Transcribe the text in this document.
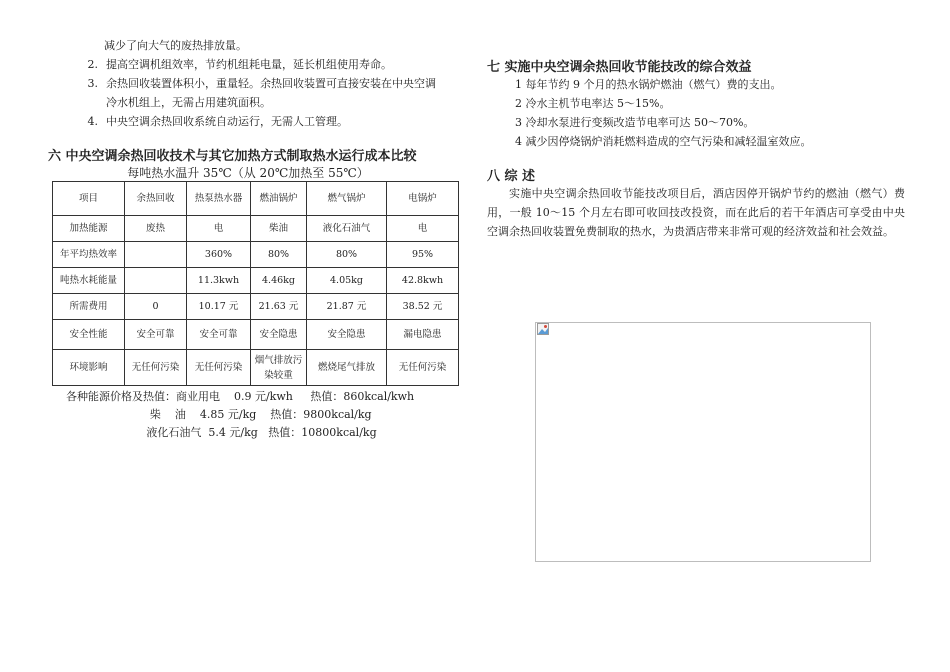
减少了向大气的废热排放量。

2. 提高空调机组效率，节约机组耗电量，延长机组使用寿命。

3. 余热回收装置体积小，重量轻。余热回收装置可直接安装在中央空调

冷水机组上，无需占用建筑面积。

4. 中央空调余热回收系统自动运行，无需人工管理。

六 中央空调余热回收技术与其它加热方式制取热水运行成本比较

每吨热水温升 35℃（从 20℃加热至 55℃）

项目	余热回收	热泵热水器	燃油锅炉	燃气锅炉	电锅炉
加热能源	废热	电	柴油	液化石油气	电
年平均热效率		360%	80%	80%	95%
吨热水耗能量		11.3kwh	4.46kg	4.05kg	42.8kwh
所需费用	0	10.17 元	21.63 元	21.87 元	38.52 元
安全性能	安全可靠	安全可靠	安全隐患	安全隐患	漏电隐患
环境影响	无任何污染	无任何污染	烟气排放污染较重	燃烧尾气排放	无任何污染
各种能源价格及热值：商业用电    0.9 元/kwh     热值：860kcal/kwh
柴    油    4.85 元/kg    热值：9800kcal/kg
液化石油气  5.4 元/kg   热值：10800kcal/kg

七 实施中央空调余热回收节能技改的综合效益

1 每年节约 9 个月的热水锅炉燃油（燃气）费的支出。

2 冷水主机节电率达 5～15%。

3 冷却水泵进行变频改造节电率可达 50～70%。

4 减少因停烧锅炉消耗燃料造成的空气污染和减轻温室效应。

八 综 述

实施中央空调余热回收节能技改项目后，酒店因停开锅炉节约的燃油（燃气）费用，一般 10～15 个月左右即可收回技改投资，而在此后的若干年酒店可享受由中央空调余热回收装置免费制取的热水，为贵酒店带来非常可观的经济效益和社会效益。
